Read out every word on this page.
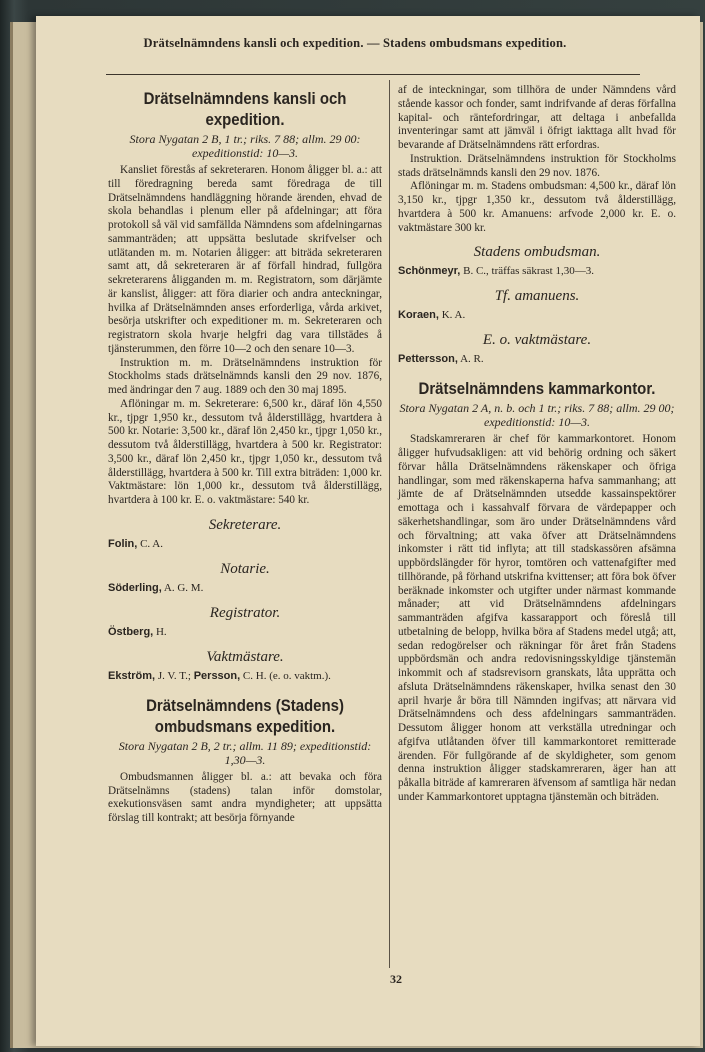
Drätselnämndens kansli och expedition. — Stadens ombudsmans expedition.
Drätselnämndens kansli och expedition.
Stora Nygatan 2 B, 1 tr.; riks. 7 88; allm. 29 00: expeditionstid: 10—3.

Kansliet förestås af sekreteraren. Honom åligger bl. a.: att till föredragning bereda samt föredraga de till Drätselnämndens handläggning hörande ärenden, ehvad de skola behandlas i plenum eller på afdelningar; att föra protokoll så väl vid samfällda Nämndens som afdelningarnas sammanträden; att uppsätta beslutade skrifvelser och utlätanden m. m. Notarien åligger: att biträda sekreteraren samt att, då sekreteraren är af förfall hindrad, fullgöra sekreterarens åligganden m. m. Registratorn, som därjämte är kanslist, åligger: att föra diarier och andra anteckningar, hvilka af Drätselnämnden anses erforderliga, vårda arkivet, besörja utskrifter och expeditioner m. m. Sekreteraren och registratorn skola hvarje helgfri dag vara tillstädes å tjänsterummen, den förre 10—2 och den senare 10—3.

Instruktion m. m. Drätselnämndens instruktion för Stockholms stads drätselnämnds kansli den 29 nov. 1876, med ändringar den 7 aug. 1889 och den 30 maj 1895.

Aflöningar m. m. Sekreterare: 6,500 kr., däraf lön 4,550 kr., tjpgr 1,950 kr., dessutom två ålderstillägg, hvartdera à 500 kr. Notarie: 3,500 kr., däraf lön 2,450 kr., tjpgr 1,050 kr., dessutom två ålderstillägg, hvartdera à 500 kr. Registrator: 3,500 kr., däraf lön 2,450 kr., tjpgr 1,050 kr., dessutom två ålderstillägg, hvartdera à 500 kr. Till extra biträden: 1,000 kr. Vaktmästare: lön 1,000 kr., dessutom två ålderstillägg, hvartdera à 100 kr. E. o. vaktmästare: 540 kr.

Sekreterare.

Folin, C. A.

Notarie.

Söderling, A. G. M.

Registrator.

Östberg, H.

Vaktmästare.

Ekström, J. V. T.; Persson, C. H. (e. o. vaktm.).

Drätselnämndens (Stadens) ombudsmans expedition.
Stora Nygatan 2 B, 2 tr.; allm. 11 89; expeditionstid: 1,30—3.

Ombudsmannen åligger bl. a.: att bevaka och föra Drätselnämns (stadens) talan inför domstolar, exekutionsväsen samt andra myndigheter; att uppsätta förslag till kontrakt; att besörja förnyande

af de inteckningar, som tillhöra de under Nämndens vård stående kassor och fonder, samt indrifvande af deras förfallna kapital- och räntefordringar, att deltaga i anbefallda inventeringar samt att jämväl i öfrigt iakttaga allt hvad för bevarande af Drätselnämndens rätt erfordras.

Instruktion. Drätselnämndens instruktion för Stockholms stads drätselnämnds kansli den 29 nov. 1876.

Aflöningar m. m. Stadens ombudsman: 4,500 kr., däraf lön 3,150 kr., tjpgr 1,350 kr., dessutom två ålderstillägg, hvartdera à 500 kr. Amanuens: arfvode 2,000 kr. E. o. vaktmästare 300 kr.

Stadens ombudsman.

Schönmeyr, B. C., träffas säkrast 1,30—3.

Tf. amanuens.

Koraen, K. A.

E. o. vaktmästare.

Pettersson, A. R.

Drätselnämndens kammarkontor.
Stora Nygatan 2 A, n. b. och 1 tr.; riks. 7 88; allm. 29 00; expeditionstid: 10—3.

Stadskamreraren är chef för kammarkontoret. Honom åligger hufvudsakligen: att vid behörig ordning och säkert förvar hålla Drätselnämndens räkenskaper och öfriga handlingar, som med räkenskaperna hafva sammanhang; att jämte de af Drätselnämnden utsedde kassainspektörer emottaga och i kassahvalf förvara de värdepapper och säkerhetshandlingar, som äro under Drätselnämndens vård och förvaltning; att vaka öfver att Drätselnämndens inkomster i rätt tid inflyta; att till stadskassören afsämna uppbördslängder för hyror, tomtören och vattenafgifter med tillhörande, på förhand utskrifna kvittenser; att föra bok öfver beräknade inkomster och utgifter under närmast kommande månader; att vid Drätselnämndens afdelningars sammanträden afgifva kassarapport och föreslå till utbetalning de belopp, hvilka böra af Stadens medel utgå; att, sedan redogörelser och räkningar för året från Stadens uppbördsmän och andra redovisningsskyldige tjänstemän inkommit och af stadsrevisorn granskats, låta upprätta och afsluta Drätselnämndens räkenskaper, hvilka senast den 30 april hvarje år böra till Nämnden ingifvas; att närvara vid Drätselnämndens och dess afdelningars sammanträden. Dessutom åligger honom att verkställa utredningar och afgifva utlåtanden öfver till kammarkontoret remitterade ärenden. För fullgörande af de skyldigheter, som genom denna instruktion åligger stadskamreraren, äger han att påkalla biträde af kamreraren äfvensom af samtliga här nedan under Kammarkontoret upptagna tjänstemän och biträden.

32
